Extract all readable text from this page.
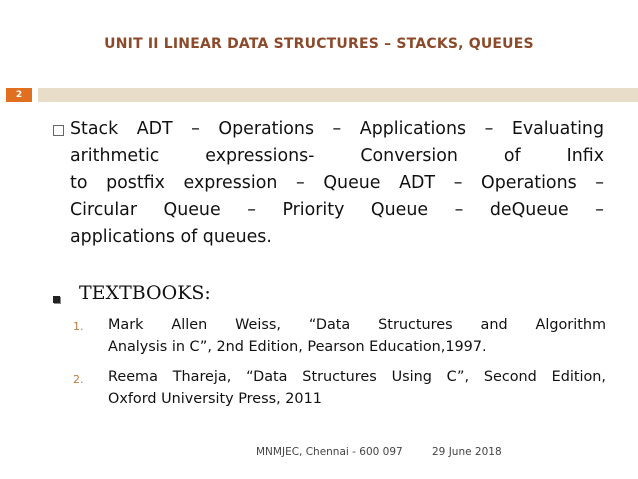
UNIT II LINEAR DATA STRUCTURES – STACKS, QUEUES
2
Stack ADT – Operations – Applications – Evaluating
arithmetic expressions- Conversion of Infix
to postfix expression – Queue ADT – Operations –
Circular Queue – Priority Queue – deQueue –
applications of queues.
TEXTBOOKS:
1. Mark Allen Weiss, “Data Structures and Algorithm
Analysis in C”, 2nd Edition, Pearson Education,1997.
2. Reema Thareja, “Data Structures Using C”, Second Edition,
Oxford University Press, 2011
MNMJEC, Chennai - 600 097	29 June 2018
